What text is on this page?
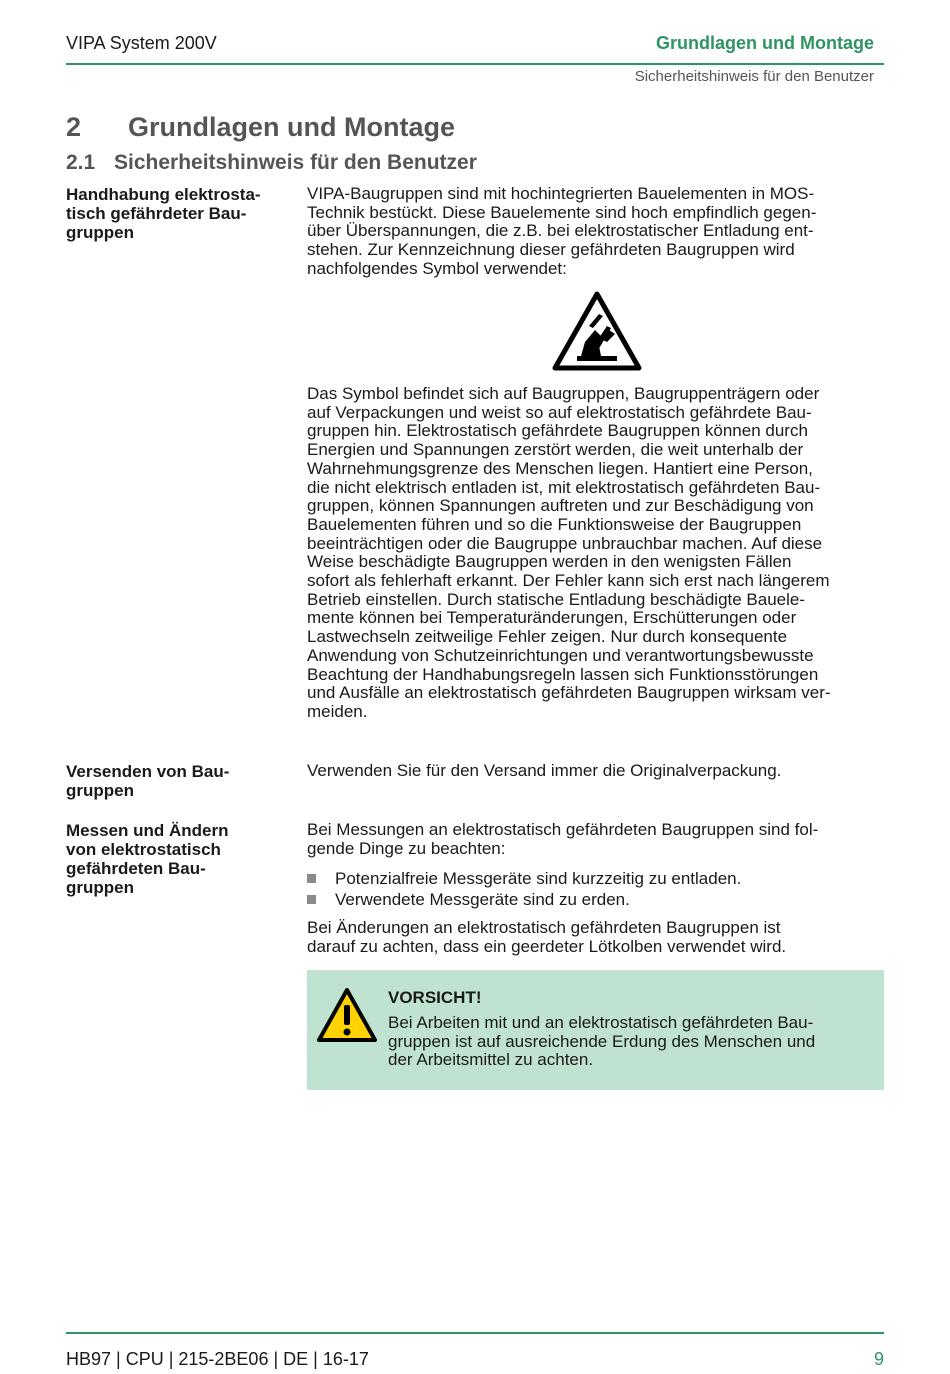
VIPA System 200V	Grundlagen und Montage
Sicherheitshinweis für den Benutzer
2 Grundlagen und Montage
2.1 Sicherheitshinweis für den Benutzer
Handhabung elektrosta-
tisch gefährdeter Bau-
gruppen
VIPA-Baugruppen sind mit hochintegrierten Bauelementen in MOS-
Technik bestückt. Diese Bauelemente sind hoch empfindlich gegen-
über Überspannungen, die z.B. bei elektrostatischer Entladung ent-
stehen. Zur Kennzeichnung dieser gefährdeten Baugruppen wird
nachfolgendes Symbol verwendet:
Das Symbol befindet sich auf Baugruppen, Baugruppenträgern oder
auf Verpackungen und weist so auf elektrostatisch gefährdete Bau-
gruppen hin. Elektrostatisch gefährdete Baugruppen können durch
Energien und Spannungen zerstört werden, die weit unterhalb der
Wahrnehmungsgrenze des Menschen liegen. Hantiert eine Person,
die nicht elektrisch entladen ist, mit elektrostatisch gefährdeten Bau-
gruppen, können Spannungen auftreten und zur Beschädigung von
Bauelementen führen und so die Funktionsweise der Baugruppen
beeinträchtigen oder die Baugruppe unbrauchbar machen. Auf diese
Weise beschädigte Baugruppen werden in den wenigsten Fällen
sofort als fehlerhaft erkannt. Der Fehler kann sich erst nach längerem
Betrieb einstellen. Durch statische Entladung beschädigte Bauele-
mente können bei Temperaturänderungen, Erschütterungen oder
Lastwechseln zeitweilige Fehler zeigen. Nur durch konsequente
Anwendung von Schutzeinrichtungen und verantwortungsbewusste
Beachtung der Handhabungsregeln lassen sich Funktionsstörungen
und Ausfälle an elektrostatisch gefährdeten Baugruppen wirksam ver-
meiden.
Versenden von Bau-
gruppen
Verwenden Sie für den Versand immer die Originalverpackung.
Messen und Ändern
von elektrostatisch
gefährdeten Bau-
gruppen
Bei Messungen an elektrostatisch gefährdeten Baugruppen sind fol-
gende Dinge zu beachten:
Potenzialfreie Messgeräte sind kurzzeitig zu entladen.
Verwendete Messgeräte sind zu erden.
Bei Änderungen an elektrostatisch gefährdeten Baugruppen ist
darauf zu achten, dass ein geerdeter Lötkolben verwendet wird.
VORSICHT!
Bei Arbeiten mit und an elektrostatisch gefährdeten Bau-
gruppen ist auf ausreichende Erdung des Menschen und
der Arbeitsmittel zu achten.
HB97 | CPU | 215-2BE06 | DE | 16-17	9
